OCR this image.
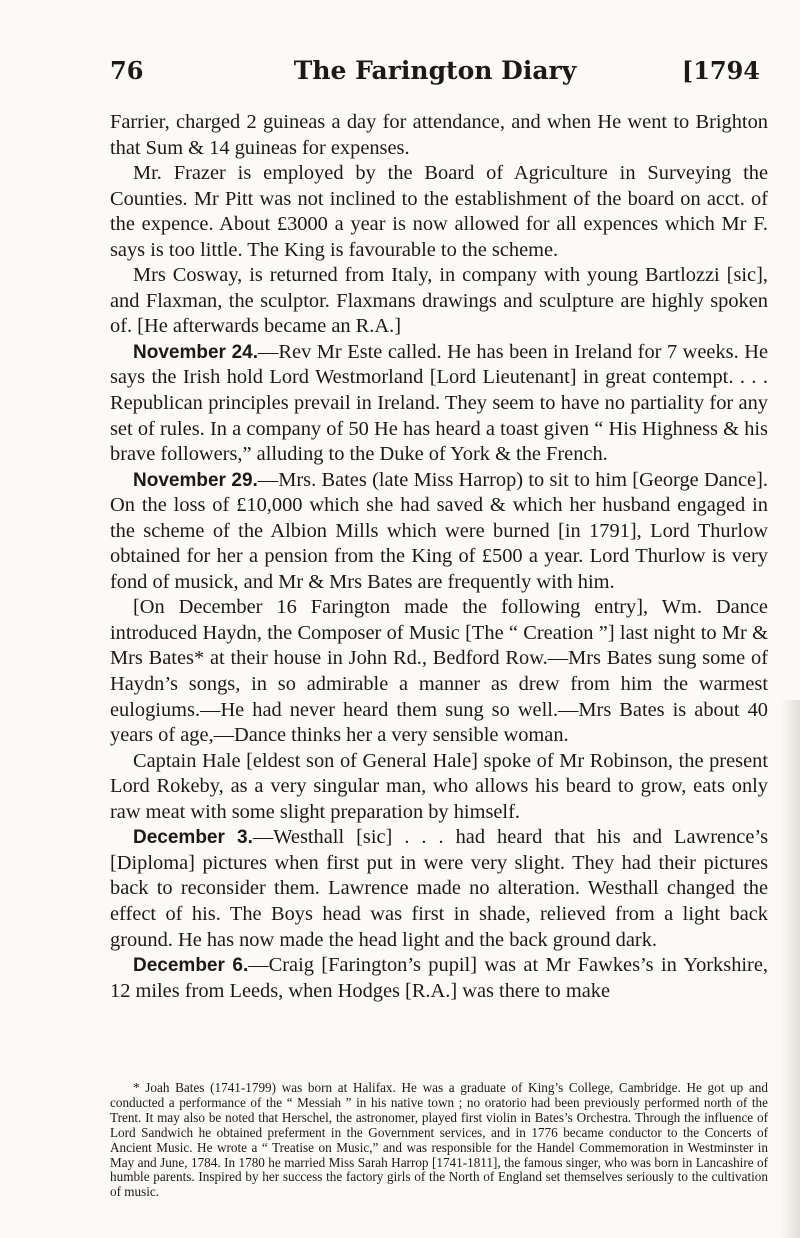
76	The Farington Diary	[1794

Farrier, charged 2 guineas a day for attendance, and when He went to Brighton that Sum & 14 guineas for expenses.

Mr. Frazer is employed by the Board of Agriculture in Surveying the Counties. Mr Pitt was not inclined to the establishment of the board on acct. of the expence. About £3000 a year is now allowed for all expences which Mr F. says is too little. The King is favourable to the scheme.

Mrs Cosway, is returned from Italy, in company with young Bartlozzi [sic], and Flaxman, the sculptor. Flaxmans drawings and sculpture are highly spoken of. [He afterwards became an R.A.]

November 24.—Rev Mr Este called. He has been in Ireland for 7 weeks. He says the Irish hold Lord Westmorland [Lord Lieutenant] in great contempt. . . . Republican principles prevail in Ireland. They seem to have no partiality for any set of rules. In a company of 50 He has heard a toast given “ His Highness & his brave followers,” alluding to the Duke of York & the French.

November 29.—Mrs. Bates (late Miss Harrop) to sit to him [George Dance]. On the loss of £10,000 which she had saved & which her husband engaged in the scheme of the Albion Mills which were burned [in 1791], Lord Thurlow obtained for her a pension from the King of £500 a year. Lord Thurlow is very fond of musick, and Mr & Mrs Bates are frequently with him.

[On December 16 Farington made the following entry], Wm. Dance introduced Haydn, the Composer of Music [The “ Creation ”] last night to Mr & Mrs Bates* at their house in John Rd., Bedford Row.—Mrs Bates sung some of Haydn’s songs, in so admirable a manner as drew from him the warmest eulogiums.—He had never heard them sung so well.—Mrs Bates is about 40 years of age,—Dance thinks her a very sensible woman.

Captain Hale [eldest son of General Hale] spoke of Mr Robinson, the present Lord Rokeby, as a very singular man, who allows his beard to grow, eats only raw meat with some slight preparation by himself.

December 3.—Westhall [sic] . . . had heard that his and Lawrence’s [Diploma] pictures when first put in were very slight. They had their pictures back to reconsider them. Lawrence made no alteration. Westhall changed the effect of his. The Boys head was first in shade, relieved from a light back ground. He has now made the head light and the back ground dark.

December 6.—Craig [Farington’s pupil] was at Mr Fawkes’s in Yorkshire, 12 miles from Leeds, when Hodges [R.A.] was there to make

* Joah Bates (1741-1799) was born at Halifax. He was a graduate of King’s College, Cambridge. He got up and conducted a performance of the “ Messiah ” in his native town ; no oratorio had been previously performed north of the Trent. It may also be noted that Herschel, the astronomer, played first violin in Bates’s Orchestra. Through the influence of Lord Sandwich he obtained preferment in the Government services, and in 1776 became conductor to the Concerts of Ancient Music. He wrote a “ Treatise on Music,” and was responsible for the Handel Commemoration in Westminster in May and June, 1784. In 1780 he married Miss Sarah Harrop [1741-1811], the famous singer, who was born in Lancashire of humble parents. Inspired by her success the factory girls of the North of England set themselves seriously to the cultivation of music.
